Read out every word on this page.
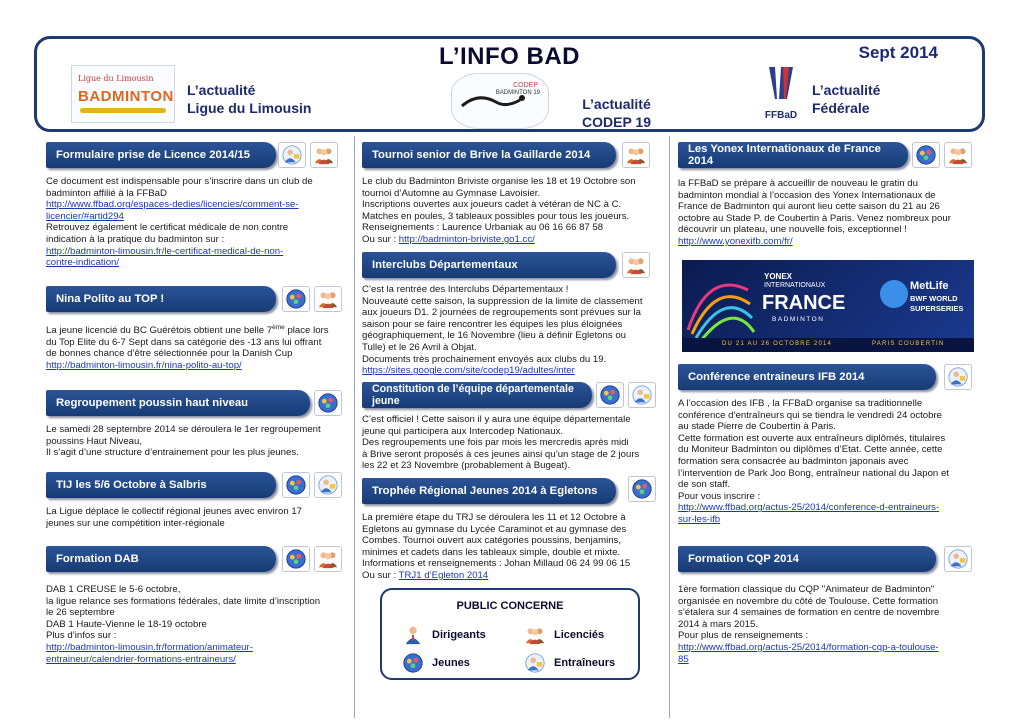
L’INFO BAD	Sept 2014
Ligue du Limousin
BADMINTON L’actualité
Ligue du Limousin
CODEP
BADMINTON 19
L’actualité
CODEP 19	FFBaD
L’actualité
Fédérale
Formulaire prise de Licence 2014/15

Ce document est indispensable pour s’inscrire dans un club de

badminton affilié à la FFBaD

http://www.ffbad.org/espaces-dedies/licencies/comment-se-

licencier/#artid294

Retrouvez également le certificat médicale de non contre

indication à la pratique du badminton sur :

http://badminton-limousin.fr/le-certificat-medical-de-non-

contre-indication/

Nina Polito au TOP !

La jeune licencié du BC Guérétois obtient une belle 7ème place lors

du Top Elite du 6-7 Sept dans sa catégorie des -13 ans lui offrant

de bonnes chance d’être sélectionnée pour la Danish Cup

http://badminton-limousin.fr/nina-polito-au-top/

Regroupement poussin haut niveau

Le samedi 28 septembre 2014 se déroulera le 1er regroupement

poussins Haut Niveau,

Il s’agit d’une structure d’entrainement pour les plus jeunes.

TIJ les 5/6 Octobre à Salbris

La Ligue déplace le collectif régional jeunes avec environ 17

jeunes sur une compétition inter-régionale

Formation DAB

DAB 1 CREUSE le 5-6 octobre,

la ligue relance ses formations fédérales, date limite d’inscription

le 26 septembre

DAB 1 Haute-Vienne le 18-19 octobre

Plus d’infos sur :

http://badminton-limousin.fr/formation/animateur-

entraineur/calendrier-formations-entraineurs/

Tournoi senior de Brive la Gaillarde 2014

Le club du Badminton Briviste organise les 18 et 19 Octobre son

tournoi d’Automne au Gymnase Lavoisier.

Inscriptions ouvertes aux joueurs cadet à vétéran de NC à C.

Matches en poules, 3 tableaux possibles pour tous les joueurs.

Renseignements : Laurence Urbaniak au 06 16 66 87 58

Ou sur : http://badminton-briviste.go1.cc/

Interclubs Départementaux

C’est la rentrée des Interclubs Départementaux !

Nouveauté cette saison, la suppression de la limite de classement

aux joueurs D1. 2 journées de regroupements sont prévues sur la

saison pour se faire rencontrer les équipes les plus éloignées

géographiquement, le 16 Novembre (lieu à définir Egletons ou

Tulle) et le 26 Avril à Objat.

Documents très prochainement envoyés aux clubs du 19.

https://sites.google.com/site/codep19/adultes/inter

Constitution de l’équipe départementale jeune

C’est officiel ! Cette saison il y aura une équipe départementale

jeune qui participera aux Intercodep Nationaux.

Des regroupements une fois par mois les mercredis après midi

à Brive seront proposés à ces jeunes ainsi qu’un stage de 2 jours

les 22 et 23 Novembre (probablement à Bugeat).

Trophée Régional Jeunes 2014 à Egletons

La première étape du TRJ se déroulera les 11 et 12 Octobre à

Egletons au gymnase du Lycée Caraminot et au gymnase des

Combes. Tournoi ouvert aux catégories poussins, benjamins,

minimes et cadets dans les tableaux simple, double et mixte.

Informations et renseignements : Johan Millaud 06 24 99 06 15

Ou sur : TRJ1 d’Egleton 2014

PUBLIC CONCERNE
Dirigeants	Licenciés
Jeunes	Entraîneurs
Les Yonex Internationaux de France 2014

la FFBaD se prépare à accueillir de nouveau le gratin du

badminton mondial à l’occasion des Yonex Internationaux de

France de Badminton qui auront lieu cette saison du 21 au 26

octobre au Stade P. de Coubertin à Paris. Venez nombreux pour

découvrir un plateau, une nouvelle fois, exceptionnel !

http://www.yonexifb.com/fr/

YONEX
INTERNATIONAUX
FRANCE
BADMINTON
MetLife
BWF WORLD
SUPERSERIES
DU 21 AU 26 OCTOBRE 2014	PARIS COUBERTIN
Conférence entraineurs IFB 2014

A l’occasion des IFB , la FFBaD organise sa traditionnelle

conférence d’entraîneurs qui se tiendra le vendredi 24 octobre

au stade Pierre de Coubertin à Paris.

Cette formation est ouverte aux entraîneurs diplômés, titulaires

du Moniteur Badminton ou diplômes d’Etat. Cette année, cette

formation sera consacrée au badminton japonais avec

l’intervention de Park Joo Bong, entraîneur national du Japon et

de son staff.

Pour vous inscrire :

http://www.ffbad.org/actus-25/2014/conference-d-entraineurs-

sur-les-ifb

Formation CQP 2014

1ère formation classique du CQP "Animateur de Badminton"

organisée en novembre du côté de Toulouse. Cette formation

s’étalera sur 4 semaines de formation en centre de novembre

2014 à mars 2015.

Pour plus de renseignements :

http://www.ffbad.org/actus-25/2014/formation-cqp-a-toulouse-

85
